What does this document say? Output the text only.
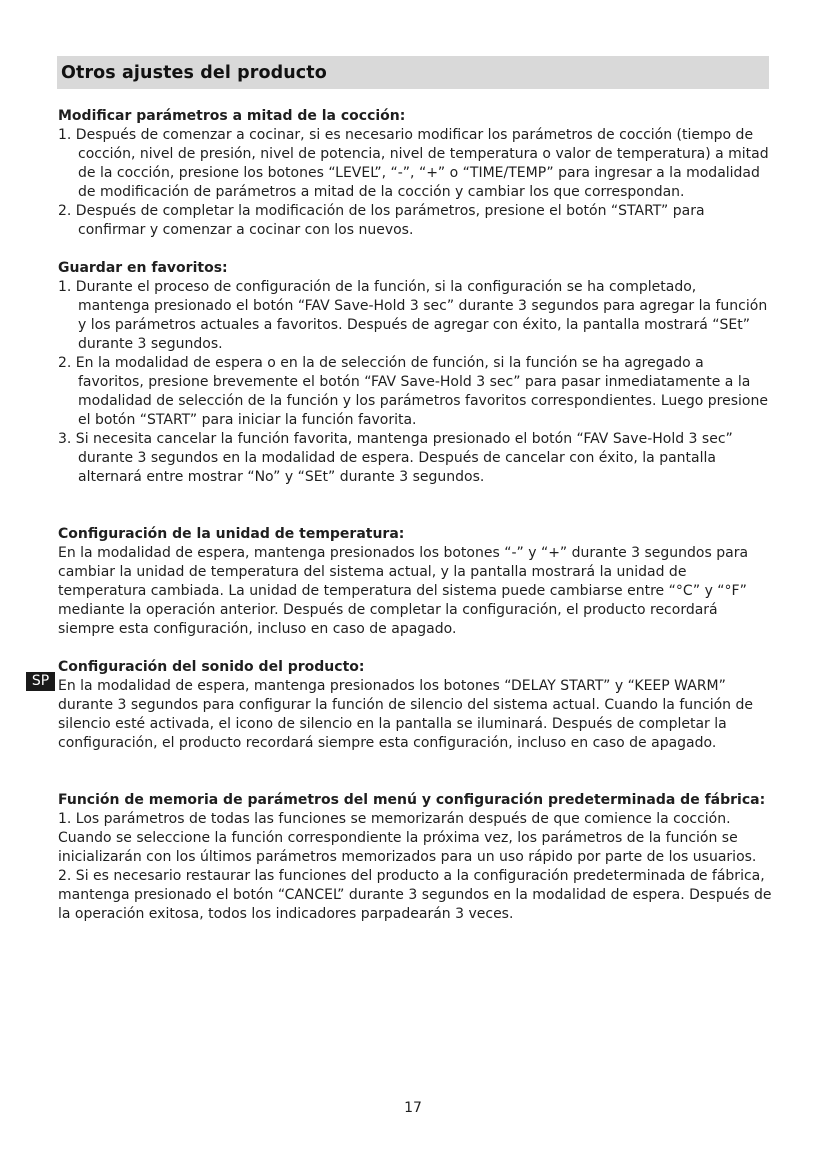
Otros ajustes del producto

Modificar parámetros a mitad de la cocción:

1. Después de comenzar a cocinar, si es necesario modificar los parámetros de cocción (tiempo de cocción, nivel de presión, nivel de potencia, nivel de temperatura o valor de temperatura) a mitad de la cocción, presione los botones “LEVEL”, “-”, “+” o “TIME/TEMP” para ingresar a la modalidad de modificación de parámetros a mitad de la cocción y cambiar los que correspondan.

2. Después de completar la modificación de los parámetros, presione el botón “START” para confirmar y comenzar a cocinar con los nuevos.

Guardar en favoritos:

1. Durante el proceso de configuración de la función, si la configuración se ha completado, mantenga presionado el botón “FAV Save-Hold 3 sec” durante 3 segundos para agregar la función y los parámetros actuales a favoritos. Después de agregar con éxito, la pantalla mostrará “SEt” durante 3 segundos.

2. En la modalidad de espera o en la de selección de función, si la función se ha agregado a favoritos, presione brevemente el botón “FAV Save-Hold 3 sec” para pasar inmediatamente a la modalidad de selección de la función y los parámetros favoritos correspondientes. Luego presione el botón “START” para iniciar la función favorita.

3. Si necesita cancelar la función favorita, mantenga presionado el botón “FAV Save-Hold 3 sec” durante 3 segundos en la modalidad de espera. Después de cancelar con éxito, la pantalla alternará entre mostrar “No” y “SEt” durante 3 segundos.

Configuración de la unidad de temperatura:

En la modalidad de espera, mantenga presionados los botones “-” y “+” durante 3 segundos para cambiar la unidad de temperatura del sistema actual, y la pantalla mostrará la unidad de temperatura cambiada. La unidad de temperatura del sistema puede cambiarse entre “°C” y “°F” mediante la operación anterior. Después de completar la configuración, el producto recordará siempre esta configuración, incluso en caso de apagado.

Configuración del sonido del producto:

En la modalidad de espera, mantenga presionados los botones “DELAY START” y “KEEP WARM” durante 3 segundos para configurar la función de silencio del sistema actual. Cuando la función de silencio esté activada, el icono de silencio en la pantalla se iluminará. Después de completar la configuración, el producto recordará siempre esta configuración, incluso en caso de apagado.

Función de memoria de parámetros del menú y configuración predeterminada de fábrica:

1. Los parámetros de todas las funciones se memorizarán después de que comience la cocción. Cuando se seleccione la función correspondiente la próxima vez, los parámetros de la función se inicializarán con los últimos parámetros memorizados para un uso rápido por parte de los usuarios.

2. Si es necesario restaurar las funciones del producto a la configuración predeterminada de fábrica, mantenga presionado el botón “CANCEL” durante 3 segundos en la modalidad de espera. Después de la operación exitosa, todos los indicadores parpadearán 3 veces.

SP
17
